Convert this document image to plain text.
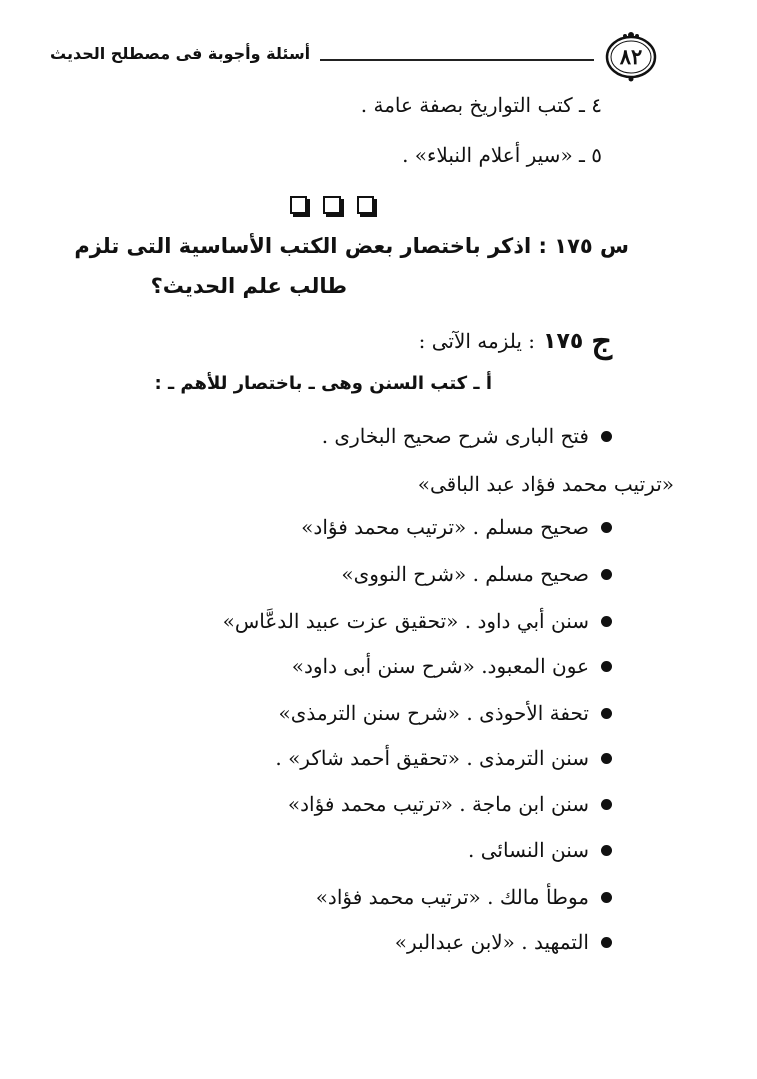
٨٢
أسئلة وأجوبة فى مصطلح الحديث
٤ ـ كتب التواريخ بصفة عامة .
٥ ـ «سير أعلام النبلاء» .
س ١٧٥ : اذكر باختصار بعض الكتب الأساسية التى تلزم
طالب علم الحديث؟
ج
١٧٥
: يلزمه الآتى :
أ ـ كتب السنن وهى ـ باختصار للأهم ـ :
فتح البارى شرح صحيح البخارى .
«ترتيب محمد فؤاد عبد الباقى»
صحيح مسلم . «ترتيب محمد فؤاد»
صحيح مسلم . «شرح النووى»
سنن أبي داود . «تحقيق عزت عبيد الدعَّاس»
عون المعبود. «شرح سنن أبى داود»
تحفة الأحوذى . «شرح سنن الترمذى»
سنن الترمذى . «تحقيق أحمد شاكر» .
سنن ابن ماجة . «ترتيب محمد فؤاد»
سنن النسائى .
موطأ مالك . «ترتيب محمد فؤاد»
التمهيد . «لابن عبدالبر»
